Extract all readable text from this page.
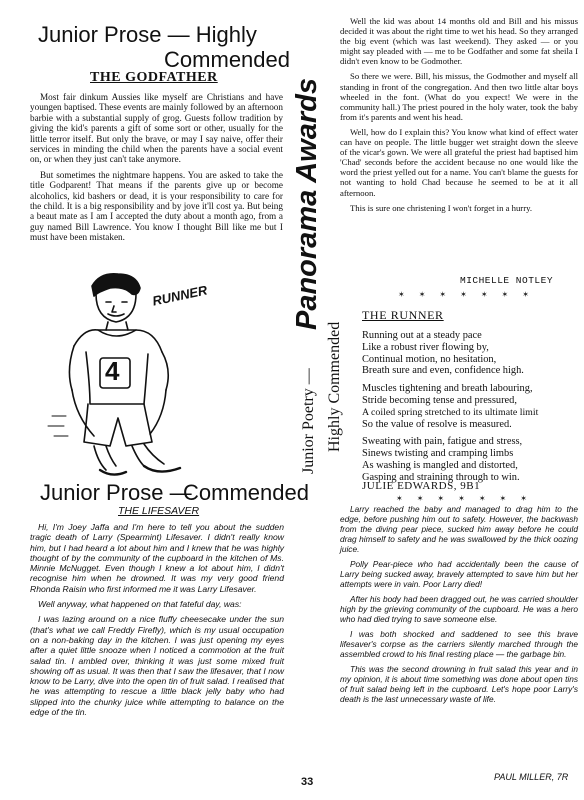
Junior Prose — Highly
Commended
THE GODFATHER

Most fair dinkum Aussies like myself are Christians and have youngen baptised. These events are mainly followed by an afternoon barbie with a substantial supply of grog. Guests follow tradition by giving the kid's parents a gift of some sort or other, usually for the little terror itself. But only the brave, or may I say naive, offer their services in minding the child when the parents have a social event on, or when they just can't take anymore.

But sometimes the nightmare happens. You are asked to take the title Godparent! That means if the parents give up or become alcoholics, kid bashers or dead, it is your responsibility to care for the child. It is a big responsibility and by jove it'll cost ya. But being a beaut mate as I am I accepted the duty about a month ago, from a guy named Bill Lawrence. You know I thought Bill like me but I must have been mistaken.

4
RUNNER
Junior Prose —
Commended
THE LIFESAVER

Hi, I'm Joey Jaffa and I'm here to tell you about the sudden tragic death of Larry (Spearmint) Lifesaver. I didn't really know him, but I had heard a lot about him and I knew that he was highly thought of by the community of the cupboard in the kitchen of Ms. Minnie McNugget. Even though I knew a lot about him, I didn't recognise him when he drowned. It was my very good friend Rhonda Raisin who first informed me it was Larry Lifesaver.

Well anyway, what happened on that fateful day, was:

I was lazing around on a nice fluffy cheesecake under the sun (that's what we call Freddy Firefly), which is my usual occupation on a non-baking day in the kitchen. I was just opening my eyes after a quiet little snooze when I noticed a commotion at the fruit salad tin. I ambled over, thinking it was just some mixed fruit showing off as usual. It was then that I saw the lifesaver, that I now know to be Larry, dive into the open tin of fruit salad. I realised that he was attempting to rescue a little black jelly baby who had slipped into the chunky juice while attempting to balance on the edge of the tin.

Panorama Awards
Junior Poetry — Highly Commended

Well the kid was about 14 months old and Bill and his missus decided it was about the right time to wet his head. So they arranged the big event (which was last weekend). They asked — or you might say pleaded with — me to be Godfather and some fat sheila I didn't even know to be Godmother.

So there we were. Bill, his missus, the Godmother and myself all standing in front of the congregation. And then two little altar boys wheeled in the font. (What do you expect! We were in the community hall.) The priest poured in the holy water, took the baby from it's parents and went his head.

Well, how do I explain this? You know what kind of effect water can have on people. The little bugger wet straight down the sleeve of the vicar's gown. We were all grateful the priest had baptised him 'Chad' seconds before the accident because no one would like the word the priest yelled out for a name. You can't blame the guests for not wanting to hold Chad because he seemed to be at it all afternoon.

This is sure one christening I won't forget in a hurry.

MICHELLE NOTLEY
✶ ✶ ✶ ✶ ✶ ✶ ✶
THE RUNNER
Running out at a steady pace
Like a robust river flowing by,
Continual motion, no hesitation,
Breath sure and even, confidence high.
Muscles tightening and breath labouring,
Stride becoming tense and pressured,
A coiled spring stretched to its ultimate limit
So the value of resolve is measured.
Sweating with pain, fatigue and stress,
Sinews twisting and cramping limbs
As washing is mangled and distorted,
Gasping and straining through to win.
JULIE EDWARDS, 9B1
✶ ✶ ✶ ✶ ✶ ✶ ✶

Larry reached the baby and managed to drag him to the edge, before pushing him out to safety. However, the backwash from the diving pear piece, sucked him away before he could drag himself to safety and he was swallowed by the thick oozing juice.

Polly Pear-piece who had accidentally been the cause of Larry being sucked away, bravely attempted to save him but her attempts were in vain. Poor Larry died!

After his body had been dragged out, he was carried shoulder high by the grieving community of the cupboard. He was a hero who had died trying to save someone else.

I was both shocked and saddened to see this brave lifesaver's corpse as the carriers silently marched through the assembled crowd to his final resting place — the garbage bin.

This was the second drowning in fruit salad this year and in my opinion, it is about time something was done about open tins of fruit salad being left in the cupboard. Let's hope poor Larry's death is the last unnecessary waste of life.

PAUL MILLER, 7R
33
